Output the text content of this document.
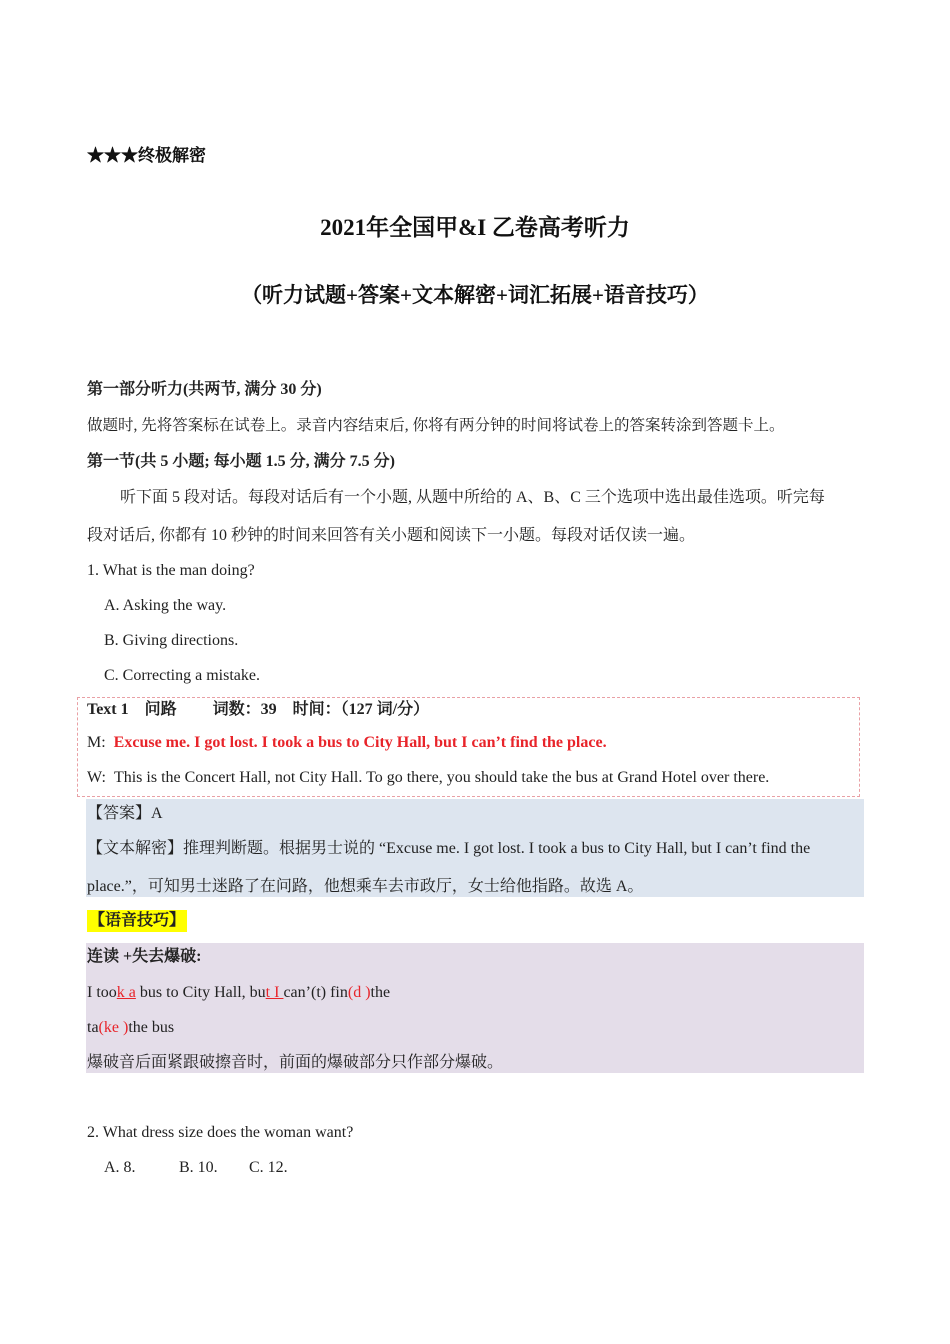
★★★终极解密
2021年全国甲&I 乙卷高考听力
（听力试题+答案+文本解密+词汇拓展+语音技巧）
第一部分听力(共两节, 满分 30 分)
做题时, 先将答案标在试卷上。录音内容结束后, 你将有两分钟的时间将试卷上的答案转涂到答题卡上。
第一节(共 5 小题; 每小题 1.5 分, 满分 7.5 分)
听下面 5 段对话。每段对话后有一个小题, 从题中所给的 A、B、C 三个选项中选出最佳选项。听完每
段对话后, 你都有 10 秒钟的时间来回答有关小题和阅读下一小题。每段对话仅读一遍。
1. What is the man doing?
A. Asking the way.
B. Giving directions.
C. Correcting a mistake.
Text 1　问路　　 词数：39　时间：（127 词/分）
M: Excuse me. I got lost. I took a bus to City Hall, but I can’t find the place.
W: This is the Concert Hall, not City Hall. To go there, you should take the bus at Grand Hotel over there.
【答案】A
【文本解密】推理判断题。根据男士说的 “Excuse me. I got lost. I took a bus to City Hall, but I can’t find the
place.”，可知男士迷路了在问路，他想乘车去市政厅，女士给他指路。故选 A。
【语音技巧】
连读 +失去爆破:
I took a bus to City Hall, but I can’(t) fin(d )the
ta(ke )the bus
爆破音后面紧跟破擦音时，前面的爆破部分只作部分爆破。
2. What dress size does the woman want?
A. 8.	B. 10. C. 12.
